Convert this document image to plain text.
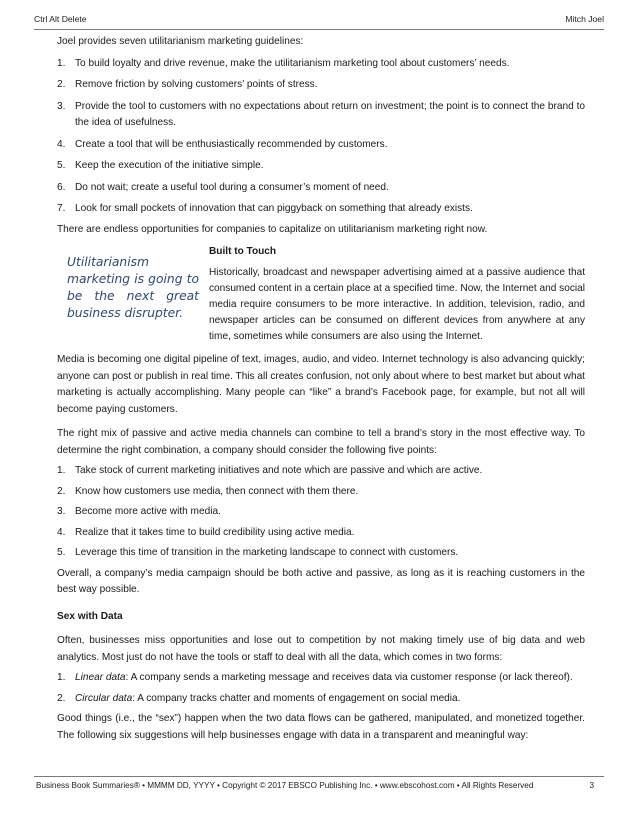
Ctrl Alt Delete	Mitch Joel

Joel provides seven utilitarianism marketing guidelines:

1. To build loyalty and drive revenue, make the utilitarianism marketing tool about customers’ needs.
2. Remove friction by solving customers’ points of stress.
3. Provide the tool to customers with no expectations about return on investment; the point is to connect the brand to the idea of usefulness.
4. Create a tool that will be enthusiastically recommended by customers.
5. Keep the execution of the initiative simple.
6. Do not wait; create a useful tool during a consumer’s moment of need.
7. Look for small pockets of innovation that can piggyback on something that already exists.

There are endless opportunities for companies to capitalize on utilitarianism marketing right now.

Utilitarianism marketing is going to be the next great business disrupter.
Built to Touch

Historically, broadcast and newspaper advertising aimed at a passive audience that consumed content in a certain place at a specified time. Now, the Internet and social media require consumers to be more interactive. In addition, television, radio, and newspaper articles can be consumed on different devices from anywhere at any time, sometimes while consumers are also using the Internet.

Media is becoming one digital pipeline of text, images, audio, and video. Internet technology is also advancing quickly; anyone can post or publish in real time. This all creates confusion, not only about where to best market but about what marketing is actually accomplishing. Many people can “like” a brand’s Facebook page, for example, but not all will become paying customers.

The right mix of passive and active media channels can combine to tell a brand’s story in the most effective way. To determine the right combination, a company should consider the following five points:

1. Take stock of current marketing initiatives and note which are passive and which are active.
2. Know how customers use media, then connect with them there.
3. Become more active with media.
4. Realize that it takes time to build credibility using active media.
5. Leverage this time of transition in the marketing landscape to connect with customers.

Overall, a company’s media campaign should be both active and passive, as long as it is reaching customers in the best way possible.

Sex with Data

Often, businesses miss opportunities and lose out to competition by not making timely use of big data and web analytics. Most just do not have the tools or staff to deal with all the data, which comes in two forms:

1. Linear data: A company sends a marketing message and receives data via customer response (or lack thereof).
2. Circular data: A company tracks chatter and moments of engagement on social media.

Good things (i.e., the “sex”) happen when the two data flows can be gathered, manipulated, and monetized together. The following six suggestions will help businesses engage with data in a transparent and meaningful way:

Business Book Summaries® • MMMM DD, YYYY • Copyright © 2017 EBSCO Publishing Inc. • www.ebscohost.com • All Rights Reserved	3
